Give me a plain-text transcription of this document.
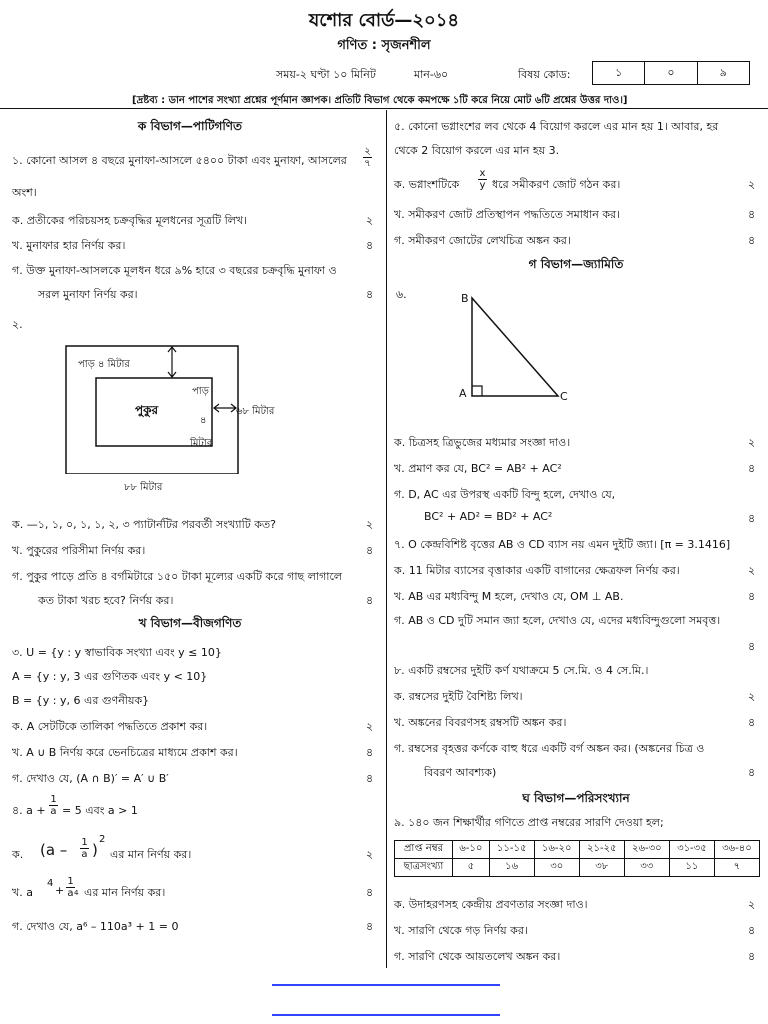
যশোর বোর্ড—২০১৪
গণিত : সৃজনশীল
সময়-২ ঘণ্টা ১০ মিনিট	মান-৬০	বিষয় কোড:	১	০	৯
[দ্রষ্টব্য : ডান পাশের সংখ্যা প্রশ্নের পূর্ণমান জ্ঞাপক। প্রতিটি বিভাগ থেকে কমপক্ষে ১টি করে নিয়ে মোট ৬টি প্রশ্নের উত্তর দাও।]
ক বিভাগ—পাটিগণিত
১. কোনো আসল ৪ বছরে মুনাফা-আসলে ৫৪০০ টাকা এবং মুনাফা, আসলের
২
৭
অংশ।
ক. প্রতীকের পরিচয়সহ চক্রবৃদ্ধির মূলধনের সূত্রটি লিখ।	২
খ. মুনাফার হার নির্ণয় কর।	৪
গ. উক্ত মুনাফা-আসলকে মূলধন ধরে ৯% হারে ৩ বছরের চক্রবৃদ্ধি মুনাফা ও
সরল মুনাফা নির্ণয় কর।	৪
২.
পাড় ৪ মিটার
পুকুর
পাড়
৪
মিটার
৬৮ মিটার
৮৮ মিটার
ক. —১, ১, ০, ১, ১, ২, ৩ প্যাটার্নটির পরবর্তী সংখ্যাটি কত?	২
খ. পুকুরের পরিসীমা নির্ণয় কর।	৪
গ. পুকুর পাড়ে প্রতি ৪ বর্গমিটারে ১৫০ টাকা মূল্যের একটি করে গাছ লাগালে
কত টাকা খরচ হবে? নির্ণয় কর।	৪
খ বিভাগ—বীজগণিত
৩. U = {y : y স্বাভাবিক সংখ্যা এবং y ≤ 10}
A = {y : y, 3 এর গুণিতক এবং y < 10}
B = {y : y, 6 এর গুণনীয়ক}
ক. A সেটটিকে তালিকা পদ্ধতিতে প্রকাশ কর।	২
খ. A ∪ B নির্ণয় করে ভেনচিত্রের মাধ্যমে প্রকাশ কর।	৪
গ. দেখাও যে, (A ∩ B)′ = A′ ∪ B′	৪
৪. a +
1
a = 5 এবং a > 1
ক. (a – 1
a )
2
এর মান নির্ণয় কর।	২
খ. a
4
+
1
a 4 এর মান নির্ণয় কর।	৪
গ. দেখাও যে, a⁶ – 110a³ + 1 = 0	৪
৫. কোনো ভগ্নাংশের লব থেকে 4 বিয়োগ করলে এর মান হয় 1। আবার, হর
থেকে 2 বিয়োগ করলে এর মান হয় 3.
ক. ভগ্নাংশটিকে
x
y ধরে সমীকরণ জোট গঠন কর।	২
খ. সমীকরণ জোট প্রতিস্থাপন পদ্ধতিতে সমাধান কর।	৪
গ. সমীকরণ জোটের লেখচিত্র অঙ্কন কর।	৪
গ বিভাগ—জ্যামিতি
৬.	B
A	C
ক. চিত্রসহ ত্রিভুজের মধ্যমার সংজ্ঞা দাও।	২
খ. প্রমাণ কর যে, BC² = AB² + AC²	৪
গ. D, AC এর উপরস্থ একটি বিন্দু হলে, দেখাও যে,
BC² + AD² = BD² + AC²	৪
৭. O কেন্দ্রবিশিষ্ট বৃত্তের AB ও CD ব্যাস নয় এমন দুইটি জ্যা। [π = 3.1416]
ক. 11 মিটার ব্যাসের বৃত্তাকার একটি বাগানের ক্ষেত্রফল নির্ণয় কর।	২
খ. AB এর মধ্যবিন্দু M হলে, দেখাও যে, OM ⊥ AB.	৪
গ. AB ও CD দুটি সমান জ্যা হলে, দেখাও যে, এদের মধ্যবিন্দুগুলো সমবৃত্ত।
৪
৮. একটি রম্বসের দুইটি কর্ণ যথাক্রমে 5 সে.মি. ও 4 সে.মি.।
ক. রম্বসের দুইটি বৈশিষ্ট্য লিখ।	২
খ. অঙ্কনের বিবরণসহ রম্বসটি অঙ্কন কর।	৪
গ. রম্বসের বৃহত্তর কর্ণকে বাহু ধরে একটি বর্গ অঙ্কন কর। (অঙ্কনের চিত্র ও
বিবরণ আবশ্যক)	৪
ঘ বিভাগ—পরিসংখ্যান
৯. ১৪০ জন শিক্ষার্থীর গণিতে প্রাপ্ত নম্বরের সারণি দেওয়া হল;
প্রাপ্ত নম্বর	৬-১০	১১-১৫	১৬-২০	২১-২৫	২৬-৩০	৩১-৩৫	৩৬-৪০
ছাত্রসংখ্যা	৫	১৬	৩০	৩৮	৩৩	১১	৭
ক. উদাহরণসহ কেন্দ্রীয় প্রবণতার সংজ্ঞা দাও।	২
খ. সারণি থেকে গড় নির্ণয় কর।	৪
গ. সারণি থেকে আয়তলেখ অঙ্কন কর।	৪
